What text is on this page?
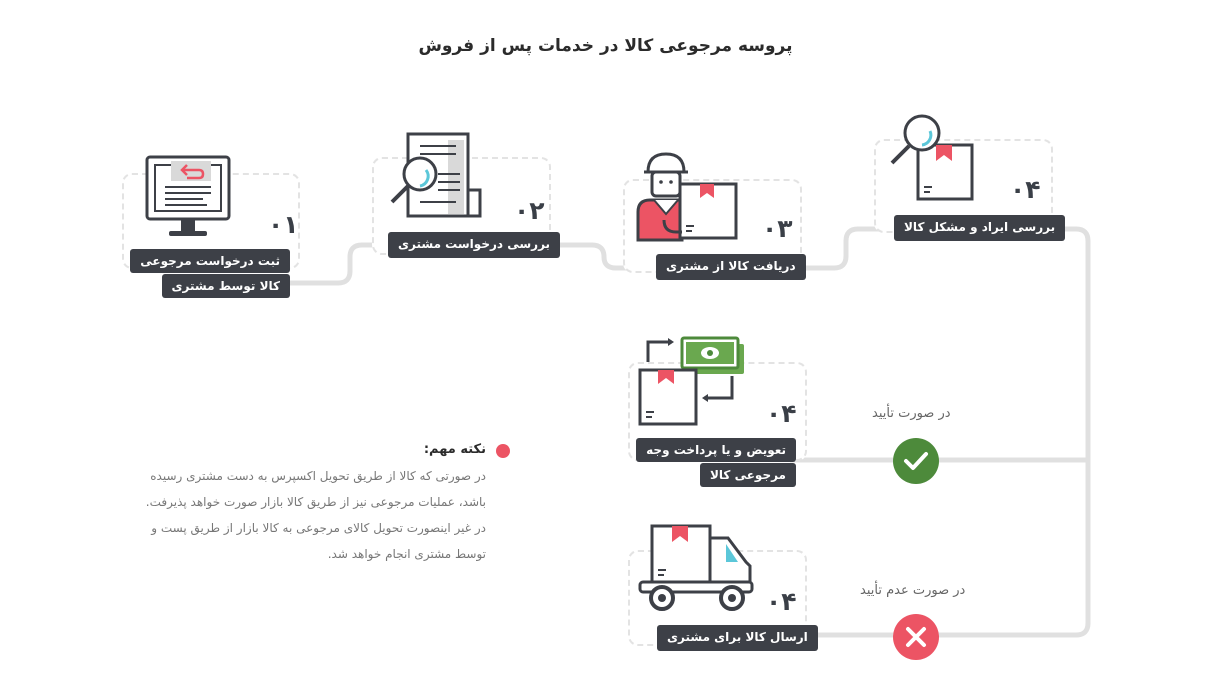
پروسه مرجوعی کالا در خدمات پس از فروش
۰۱
ثبت درخواست مرجوعی
کالا توسط مشتری
۰۲
بررسی درخواست مشتری
۰۳
دریافت کالا از مشتری
۰۴
بررسی ایراد و مشکل کالا
۰۴
تعویض و یا پرداخت وجه
مرجوعی کالا
۰۴
ارسال کالا برای مشتری
در صورت تأیید
در صورت عدم تأیید
نکته مهم:
در صورتی که کالا از طریق تحویل اکسپرس به دست مشتری رسیده
باشد، عملیات مرجوعی نیز از طریق کالا بازار صورت خواهد پذیرفت.
در غیر اینصورت تحویل کالای مرجوعی به کالا بازار از طریق پست و
توسط مشتری انجام خواهد شد.
